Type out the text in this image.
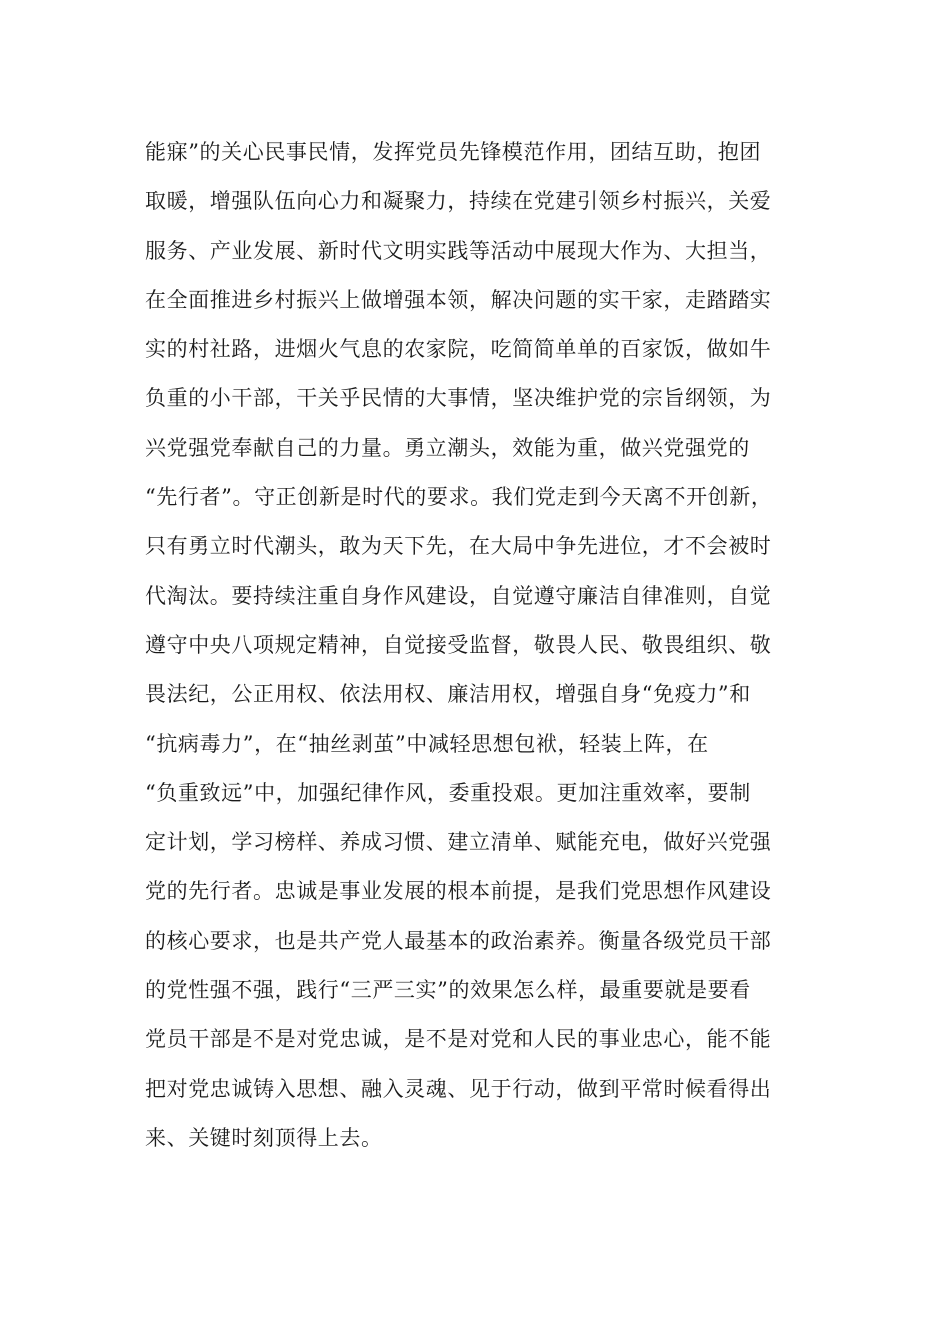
能寐”的关心民事民情，发挥党员先锋模范作用，团结互助，抱团
取暖，增强队伍向心力和凝聚力，持续在党建引领乡村振兴，关爱
服务、产业发展、新时代文明实践等活动中展现大作为、大担当，
在全面推进乡村振兴上做增强本领，解决问题的实干家，走踏踏实
实的村社路，进烟火气息的农家院，吃简简单单的百家饭，做如牛
负重的小干部，干关乎民情的大事情，坚决维护党的宗旨纲领，为
兴党强党奉献自己的力量。勇立潮头，效能为重，做兴党强党的
“先行者”。守正创新是时代的要求。我们党走到今天离不开创新，
只有勇立时代潮头，敢为天下先，在大局中争先进位，才不会被时
代淘汰。要持续注重自身作风建设，自觉遵守廉洁自律准则，自觉
遵守中央八项规定精神，自觉接受监督，敬畏人民、敬畏组织、敬
畏法纪，公正用权、依法用权、廉洁用权，增强自身“免疫力”和
“抗病毒力”，在“抽丝剥茧”中减轻思想包袱，轻装上阵，在
“负重致远”中，加强纪律作风，委重投艰。更加注重效率，要制
定计划，学习榜样、养成习惯、建立清单、赋能充电，做好兴党强
党的先行者。忠诚是事业发展的根本前提，是我们党思想作风建设
的核心要求，也是共产党人最基本的政治素养。衡量各级党员干部
的党性强不强，践行“三严三实”的效果怎么样，最重要就是要看
党员干部是不是对党忠诚，是不是对党和人民的事业忠心，能不能
把对党忠诚铸入思想、融入灵魂、见于行动，做到平常时候看得出
来、关键时刻顶得上去。
